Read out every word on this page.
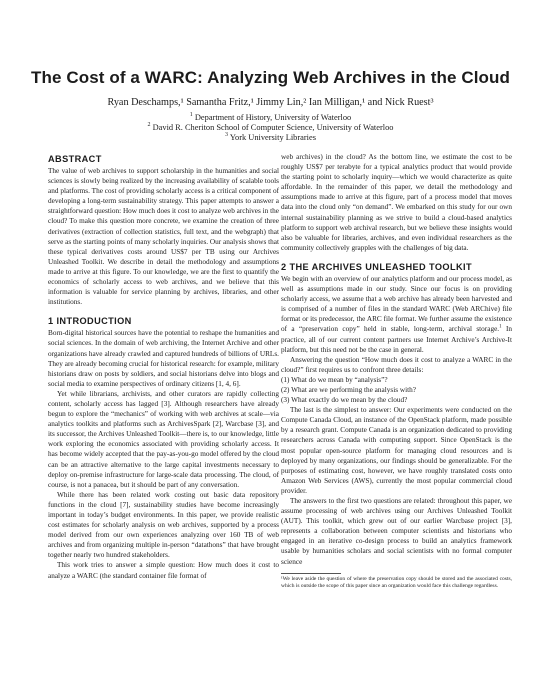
The Cost of a WARC: Analyzing Web Archives in the Cloud
Ryan Deschamps,¹ Samantha Fritz,¹ Jimmy Lin,² Ian Milligan,¹ and Nick Ruest³
$^1$ Department of History, University of Waterloo
$^2$ David R. Cheriton School of Computer Science, University of Waterloo
$^3$ York University Libraries
ABSTRACT

The value of web archives to support scholarship in the humanities and social sciences is slowly being realized by the increasing availability of scalable tools and platforms. The cost of providing scholarly access is a critical component of developing a long-term sustainability strategy. This paper attempts to answer a straightforward question: How much does it cost to analyze web archives in the cloud? To make this question more concrete, we examine the creation of three derivatives (extraction of collection statistics, full text, and the webgraph) that serve as the starting points of many scholarly inquiries. Our analysis shows that these typical derivatives costs around US$7 per TB using our Archives Unleashed Toolkit. We describe in detail the methodology and assumptions made to arrive at this figure. To our knowledge, we are the first to quantify the economics of scholarly access to web archives, and we believe that this information is valuable for service planning by archives, libraries, and other institutions.

1 INTRODUCTION

Born-digital historical sources have the potential to reshape the humanities and social sciences. In the domain of web archiving, the Internet Archive and other organizations have already crawled and captured hundreds of billions of URLs. They are already becoming crucial for historical research: for example, military historians draw on posts by soldiers, and social historians delve into blogs and social media to examine perspectives of ordinary citizens [1, 4, 6].

Yet while librarians, archivists, and other curators are rapidly collecting content, scholarly access has lagged [3]. Although researchers have already begun to explore the “mechanics” of working with web archives at scale—via analytics toolkits and platforms such as ArchivesSpark [2], Warcbase [3], and its successor, the Archives Unleashed Toolkit—there is, to our knowledge, little work exploring the economics associated with providing scholarly access. It has become widely accepted that the pay-as-you-go model offered by the cloud can be an attractive alternative to the large capital investments necessary to deploy on-premise infrastructure for large-scale data processing. The cloud, of course, is not a panacea, but it should be part of any conversation.

While there has been related work costing out basic data repository functions in the cloud [7], sustainability studies have become increasingly important in today’s budget environments. In this paper, we provide realistic cost estimates for scholarly analysis on web archives, supported by a process model derived from our own experiences analyzing over 160 TB of web archives and from organizing multiple in-person “datathons” that have brought together nearly two hundred stakeholders.

This work tries to answer a simple question: How much does it cost to analyze a WARC (the standard container file format of

web archives) in the cloud? As the bottom line, we estimate the cost to be roughly US$7 per terabyte for a typical analytics product that would provide the starting point to scholarly inquiry—which we would characterize as quite affordable. In the remainder of this paper, we detail the methodology and assumptions made to arrive at this figure, part of a process model that moves data into the cloud only “on demand”. We embarked on this study for our own internal sustainability planning as we strive to build a cloud-based analytics platform to support web archival research, but we believe these insights would also be valuable for libraries, archives, and even individual researchers as the community collectively grapples with the challenges of big data.

2 THE ARCHIVES UNLEASHED TOOLKIT

We begin with an overview of our analytics platform and our process model, as well as assumptions made in our study. Since our focus is on providing scholarly access, we assume that a web archive has already been harvested and is comprised of a number of files in the standard WARC (Web ARChive) file format or its predecessor, the ARC file format. We further assume the existence of a “preservation copy” held in stable, long-term, archival storage.$^1$ In practice, all of our current content partners use Internet Archive’s Archive-It platform, but this need not be the case in general.

Answering the question “How much does it cost to analyze a WARC in the cloud?” first requires us to confront three details:

(1) What do we mean by “analysis”?
(2) What are we performing the analysis with?
(3) What exactly do we mean by the cloud?

The last is the simplest to answer: Our experiments were conducted on the Compute Canada Cloud, an instance of the OpenStack platform, made possible by a research grant. Compute Canada is an organization dedicated to providing researchers across Canada with computing support. Since OpenStack is the most popular open-source platform for managing cloud resources and is deployed by many organizations, our findings should be generalizable. For the purposes of estimating cost, however, we have roughly translated costs onto Amazon Web Services (AWS), currently the most popular commercial cloud provider.

The answers to the first two questions are related: throughout this paper, we assume processing of web archives using our Archives Unleashed Toolkit (AUT). This toolkit, which grew out of our earlier Warcbase project [3], represents a collaboration between computer scientists and historians who engaged in an iterative co-design process to build an analytics framework usable by humanities scholars and social scientists with no formal computer science

¹We leave aside the question of where the preservation copy should be stored and the associated costs, which is outside the scope of this paper since an organization would face this challenge regardless.
